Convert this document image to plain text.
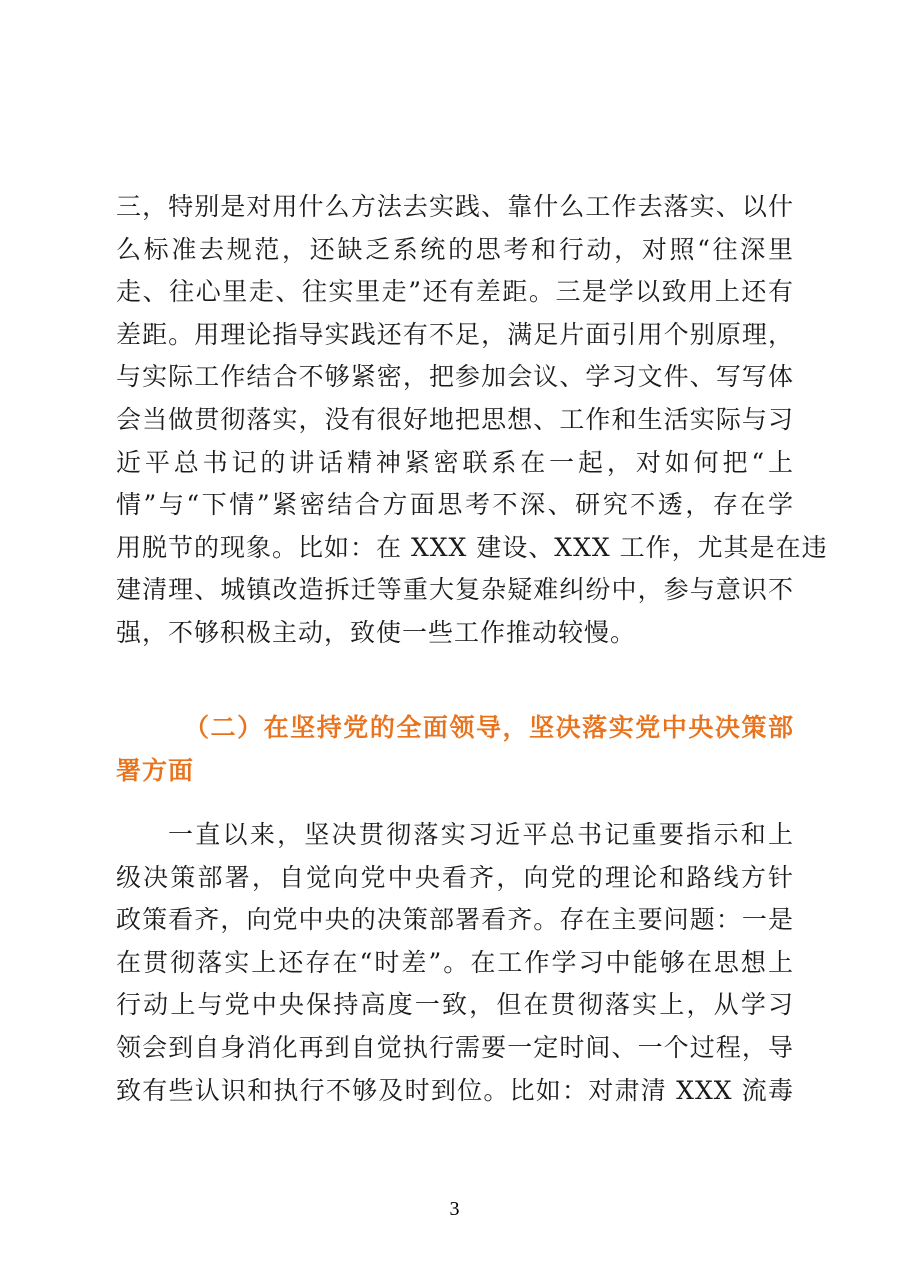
三，特别是对用什么方法去实践、靠什么工作去落实、以什
么标准去规范，还缺乏系统的思考和行动，对照“往深里
走、往心里走、往实里走”还有差距。三是学以致用上还有
差距。用理论指导实践还有不足，满足片面引用个别原理，
与实际工作结合不够紧密，把参加会议、学习文件、写写体
会当做贯彻落实，没有很好地把思想、工作和生活实际与习
近平总书记的讲话精神紧密联系在一起，对如何把“上
情”与“下情”紧密结合方面思考不深、研究不透，存在学
用脱节的现象。比如：在 XXX 建设、XXX 工作，尤其是在违
建清理、城镇改造拆迁等重大复杂疑难纠纷中，参与意识不
强，不够积极主动，致使一些工作推动较慢。
（二）在坚持党的全面领导，坚决落实党中央决策部
署方面
一直以来，坚决贯彻落实习近平总书记重要指示和上
级决策部署，自觉向党中央看齐，向党的理论和路线方针
政策看齐，向党中央的决策部署看齐。存在主要问题：一是
在贯彻落实上还存在“时差”。在工作学习中能够在思想上
行动上与党中央保持高度一致，但在贯彻落实上，从学习
领会到自身消化再到自觉执行需要一定时间、一个过程，导
致有些认识和执行不够及时到位。比如：对肃清 XXX 流毒
3
